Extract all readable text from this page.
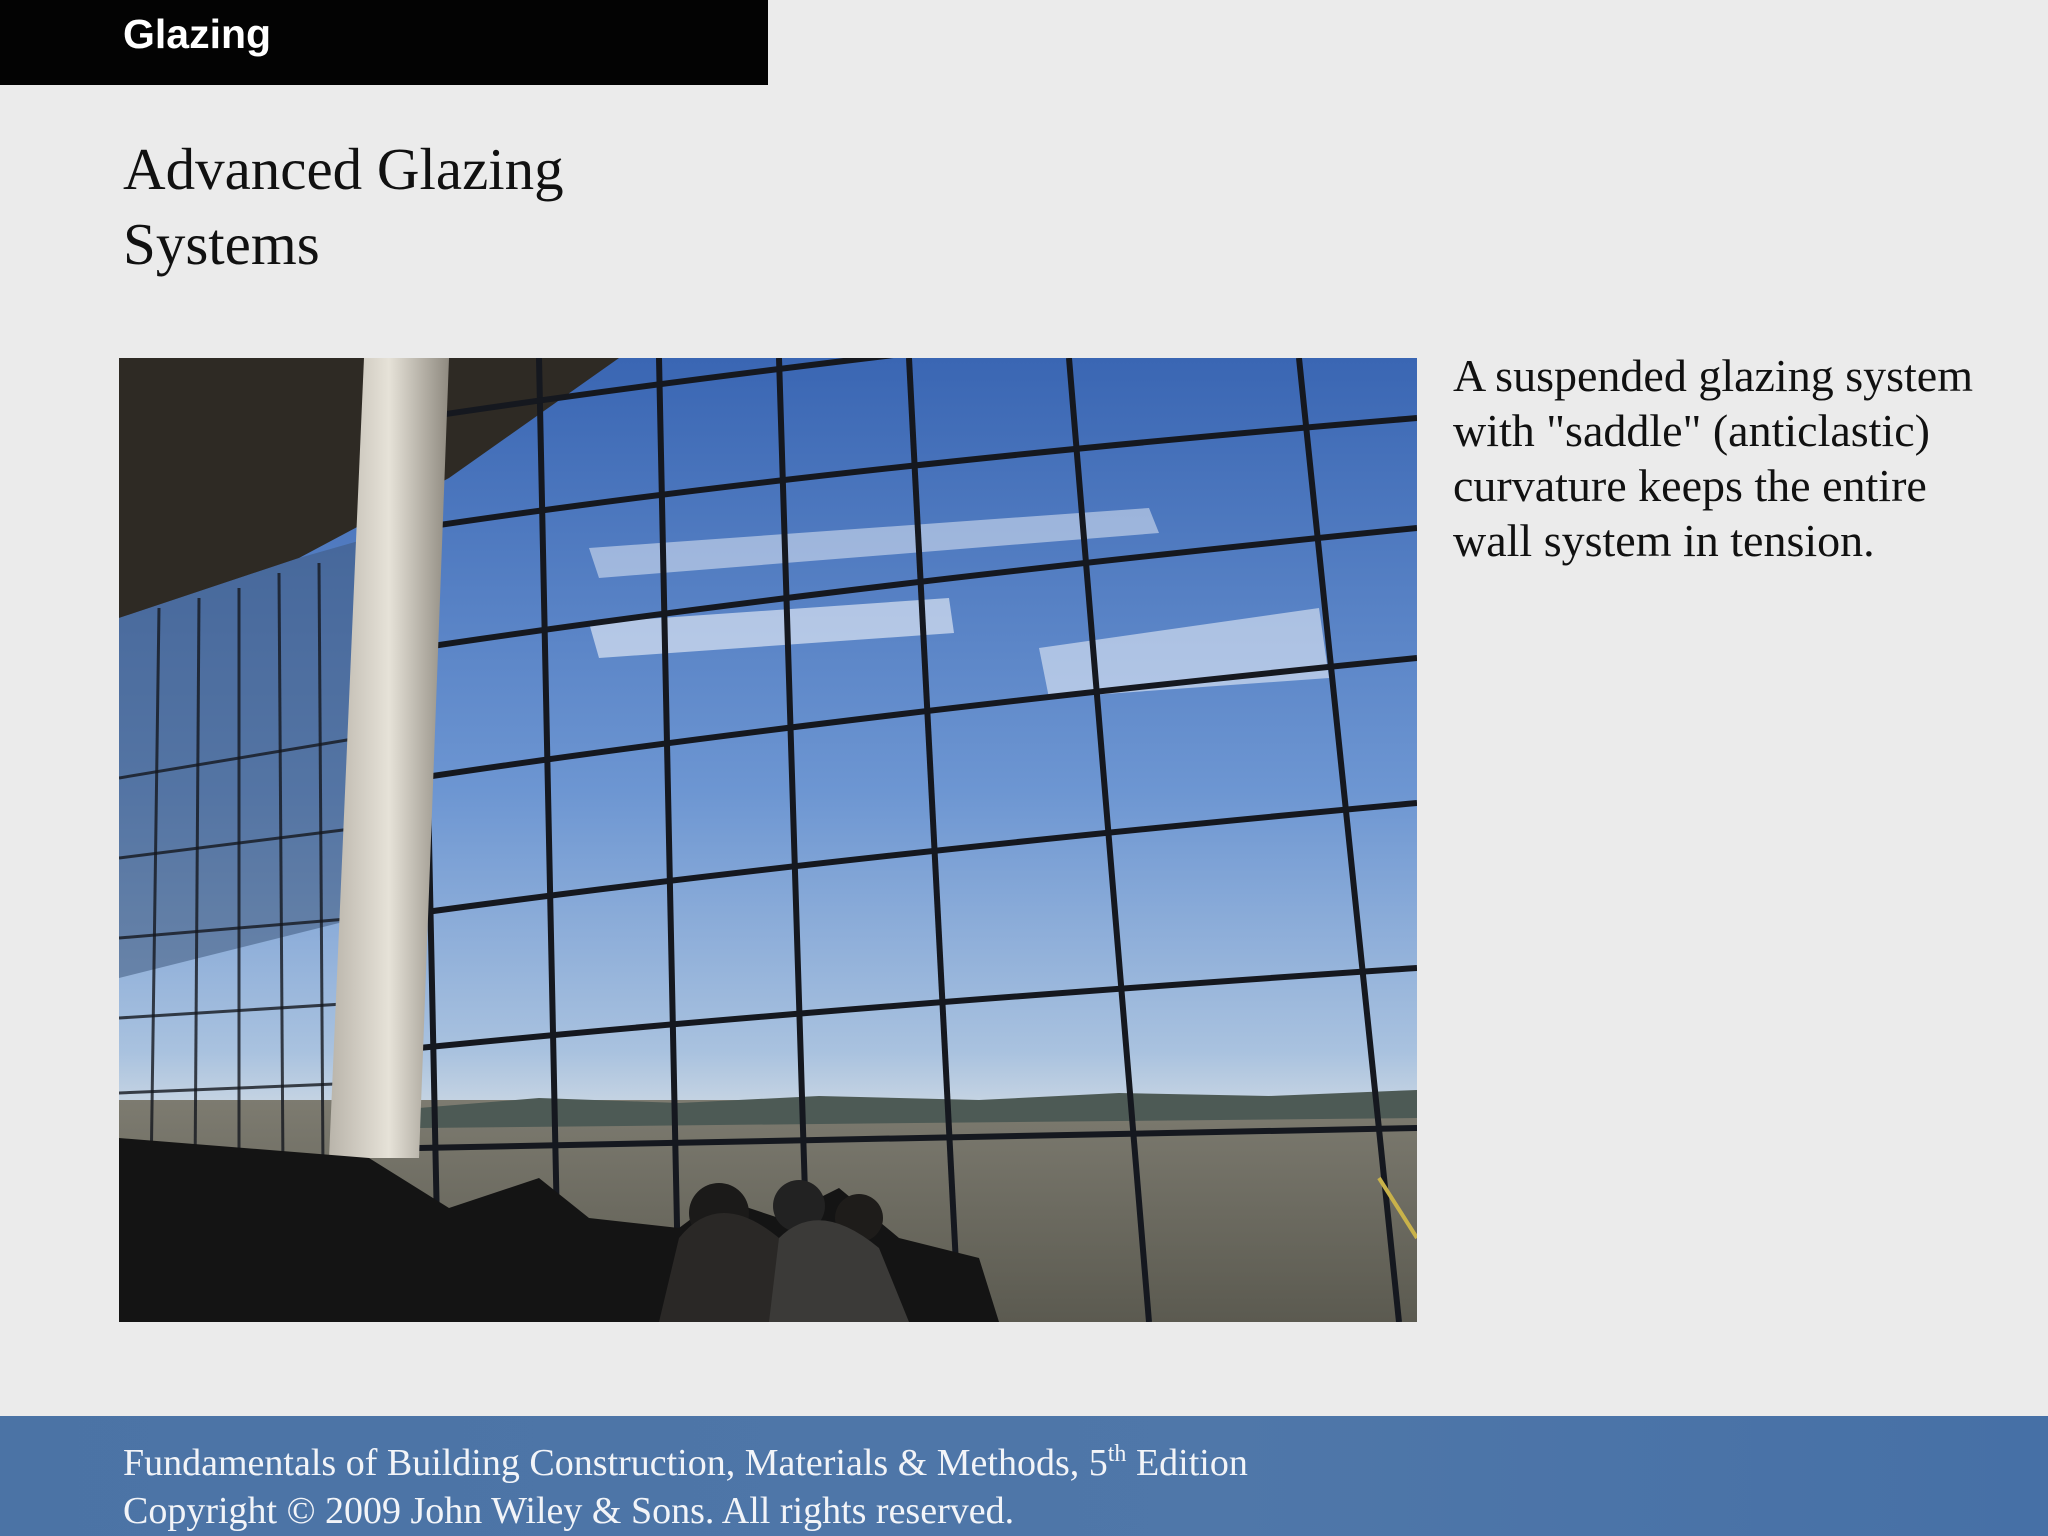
Glazing
Advanced Glazing
Systems
A suspended glazing system with "saddle" (anticlastic) curvature keeps the entire wall system in tension.
Fundamentals of Building Construction, Materials & Methods, 5th Edition
Copyright © 2009 John Wiley & Sons. All rights reserved.
